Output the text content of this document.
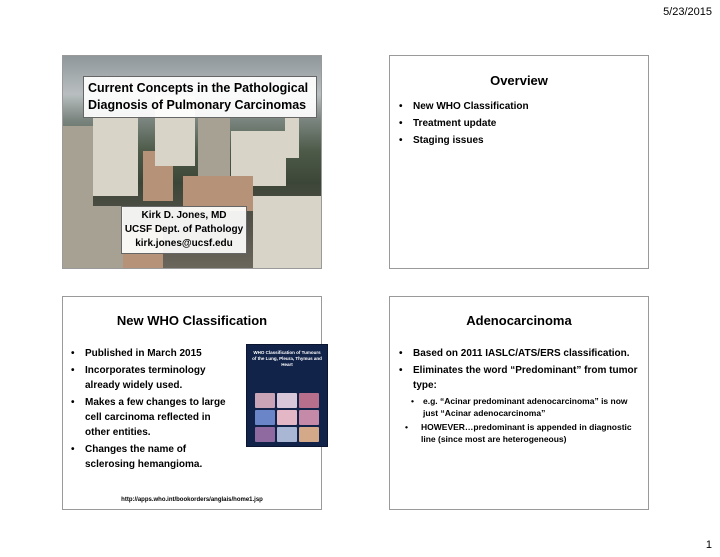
5/23/2015
Current Concepts in the Pathological
Diagnosis of Pulmonary Carcinomas
Kirk D. Jones, MD
UCSF Dept. of Pathology
kirk.jones@ucsf.edu
Overview
• New WHO Classification
• Treatment update
• Staging issues
New WHO Classification
• Published in March 2015
• Incorporates terminology already widely used.
• Makes a few changes to large cell carcinoma reflected in other entities.
• Changes the name of sclerosing hemangioma.
WHO Classification of Tumours of the Lung, Pleura, Thymus and Heart
http://apps.who.int/bookorders/anglais/home1.jsp
Adenocarcinoma
• Based on 2011 IASLC/ATS/ERS classification.
• Eliminates the word “Predominant” from tumor type:
• e.g. “Acinar predominant adenocarcinoma” is now just “Acinar adenocarcinoma”
• HOWEVER…predominant is appended in diagnostic line (since most are heterogeneous)
1
